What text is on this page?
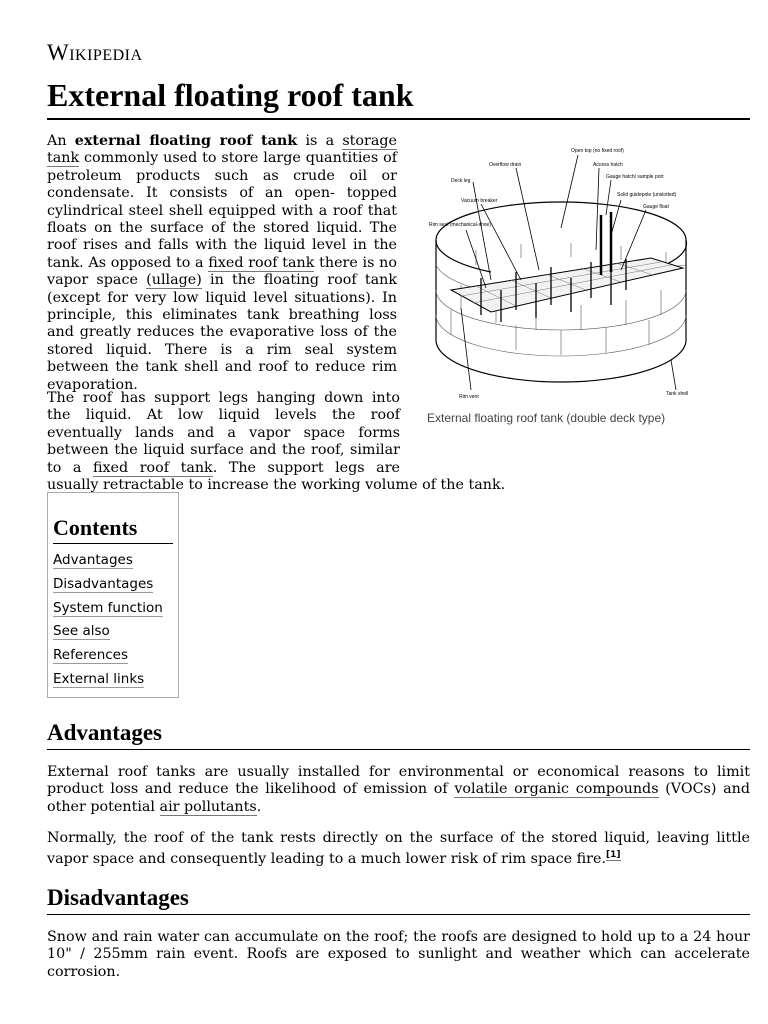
Wikipedia
External floating roof tank

An external floating roof tank is a storage tank commonly used to store large quantities of petroleum products such as crude oil or condensate. It consists of an open- topped cylindrical steel shell equipped with a roof that floats on the surface of the stored liquid. The roof rises and falls with the liquid level in the tank. As opposed to a fixed roof tank there is no vapor space (ullage) in the floating roof tank (except for very low liquid level situations). In principle, this eliminates tank breathing loss and greatly reduces the evaporative loss of the stored liquid. There is a rim seal system between the tank shell and roof to reduce rim evaporation.

Open top (no fixed roof)
Overflow drain	Access hatch
Deck leg
Gauge hatch/ sample port
Vacuum breaker
Solid guidepole (unslotted)
Gauge float
Rim seal (mechanical-shoe)
Rim vent	Tank shell
External floating roof tank (double deck type)

The roof has support legs hanging down into the liquid. At low liquid levels the roof eventually lands and a vapor space forms between the liquid surface and the roof, similar to a fixed roof tank. The support legs are usually retractable to increase the working volume of the tank.

Contents
Advantages
Disadvantages
System function
See also
References
External links
Advantages

External roof tanks are usually installed for environmental or economical reasons to limit product loss and reduce the likelihood of emission of volatile organic compounds (VOCs) and other potential air pollutants.

Normally, the roof of the tank rests directly on the surface of the stored liquid, leaving little vapor space and consequently leading to a much lower risk of rim space fire.[1]

Disadvantages

Snow and rain water can accumulate on the roof; the roofs are designed to hold up to a 24 hour 10" / 255mm rain event. Roofs are exposed to sunlight and weather which can accelerate corrosion.
